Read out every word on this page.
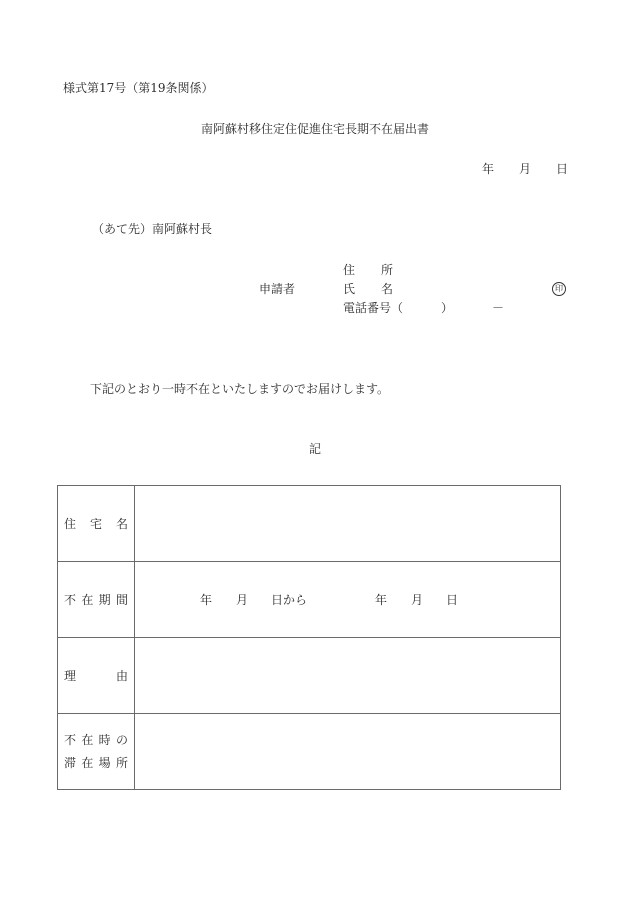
様式第17号（第19条関係）
南阿蘇村移住定住促進住宅長期不在届出書
年 月 日
（あて先）南阿蘇村長
申請者
住 所
氏 名	印
電話番号（	）	－
下記のとおり一時不在といたしますのでお届けします。
記
住 宅 名	

不 在 期 間	年 月 日から	年 月 日

理 由	

不 在 時 の
滞 在 場 所
